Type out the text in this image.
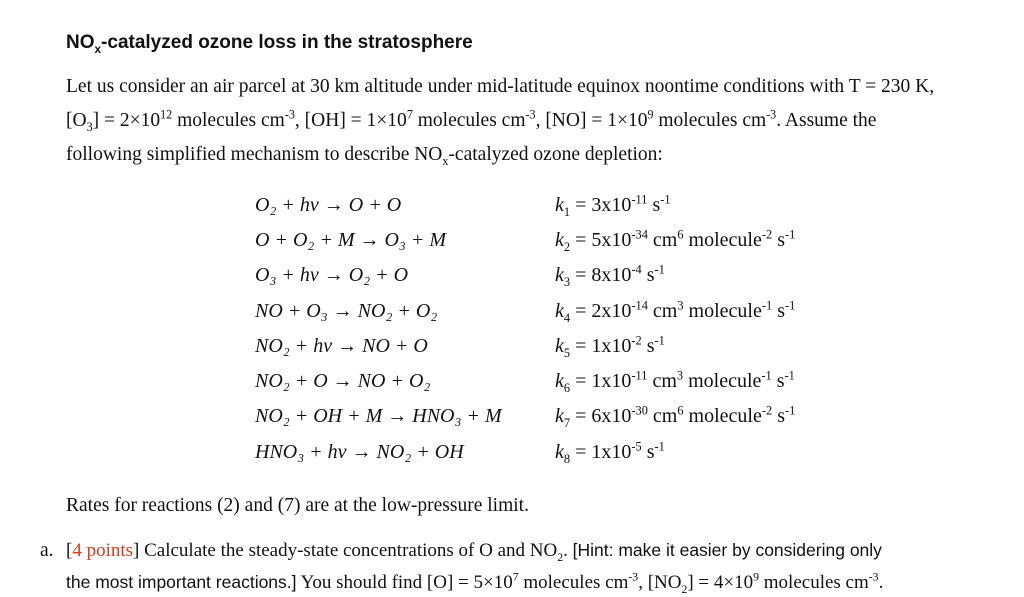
$NO_x$-catalyzed ozone loss in the stratosphere
Let us consider an air parcel at 30 km altitude under mid-latitude equinox noontime conditions with T = 230 K,
$[O_3] = 2\times 10^{12}$ molecules $cm^{-3}$, $[OH] = 1\times 10^7$ molecules $cm^{-3}$, $[NO] = 1\times 10^9$ molecules $cm^{-3}$. Assume the
following simplified mechanism to describe $NO_x$-catalyzed ozone depletion:
O₂ + hν → O + O
O + O₂ + M → O₃ + M
O₃ + hν → O₂ + O
NO + O₃ → NO₂ + O₂
NO₂ + hν → NO + O
NO₂ + O → NO + O₂
NO₂ + OH + M → HNO₃ + M
HNO₃ + hν → NO₂ + OH
$k_1 = 3x10^{-11}$ $s^{-1}$
$k_2 = 5x10^{-34}$ $cm^6$ molecule$^{-2}$ $s^{-1}$
$k_3 = 8x10^{-4}$ $s^{-1}$
$k_4 = 2x10^{-14}$ $cm^3$ molecule$^{-1}$ $s^{-1}$
$k_5 = 1x10^{-2}$ $s^{-1}$
$k_6 = 1x10^{-11}$ $cm^3$ molecule$^{-1}$ $s^{-1}$
$k_7 = 6x10^{-30}$ $cm^6$ molecule$^{-2}$ $s^{-1}$
$k_8 = 1x10^{-5}$ $s^{-1}$
Rates for reactions (2) and (7) are at the low-pressure limit.
a. [4 points] Calculate the steady-state concentrations of O and $NO_2$. [Hint: make it easier by considering only
the most important reactions.] You should find $[O] = 5\times 10^7$ molecules $cm^{-3}$, $[NO_2] = 4\times 10^9$ molecules $cm^{-3}$.
